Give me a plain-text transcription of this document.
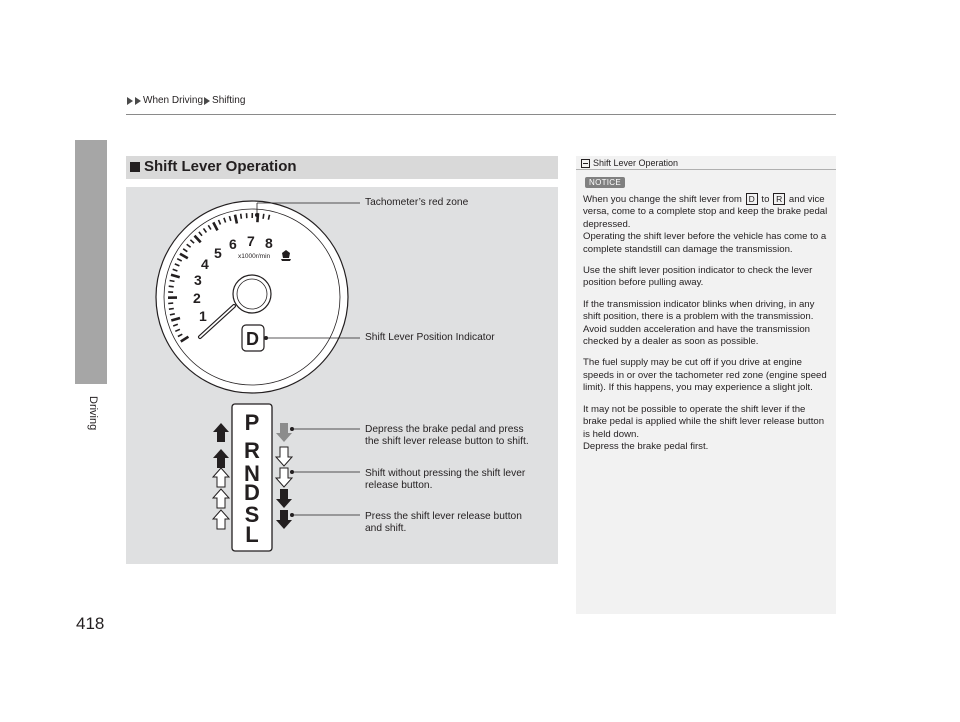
When Driving Shifting
Driving
Shift Lever Operation
1
2
3
4
5
6 7 8
x1000r/min
D
P
R
N
D
S
L
Tachometer’s red zone
Shift Lever Position Indicator
Depress the brake pedal and press
the shift lever release button to shift.
Shift without pressing the shift lever
release button.
Press the shift lever release button
and shift.
Shift Lever Operation
NOTICE

When you change the shift lever from D to R and vice versa, come to a complete stop and keep the brake pedal depressed.
Operating the shift lever before the vehicle has come to a complete standstill can damage the transmission.

Use the shift lever position indicator to check the lever position before pulling away.

If the transmission indicator blinks when driving, in any shift position, there is a problem with the transmission.
Avoid sudden acceleration and have the transmission checked by a dealer as soon as possible.

The fuel supply may be cut off if you drive at engine speeds in or over the tachometer red zone (engine speed limit). If this happens, you may experience a slight jolt.

It may not be possible to operate the shift lever if the brake pedal is applied while the shift lever release button is held down.
Depress the brake pedal first.

418
